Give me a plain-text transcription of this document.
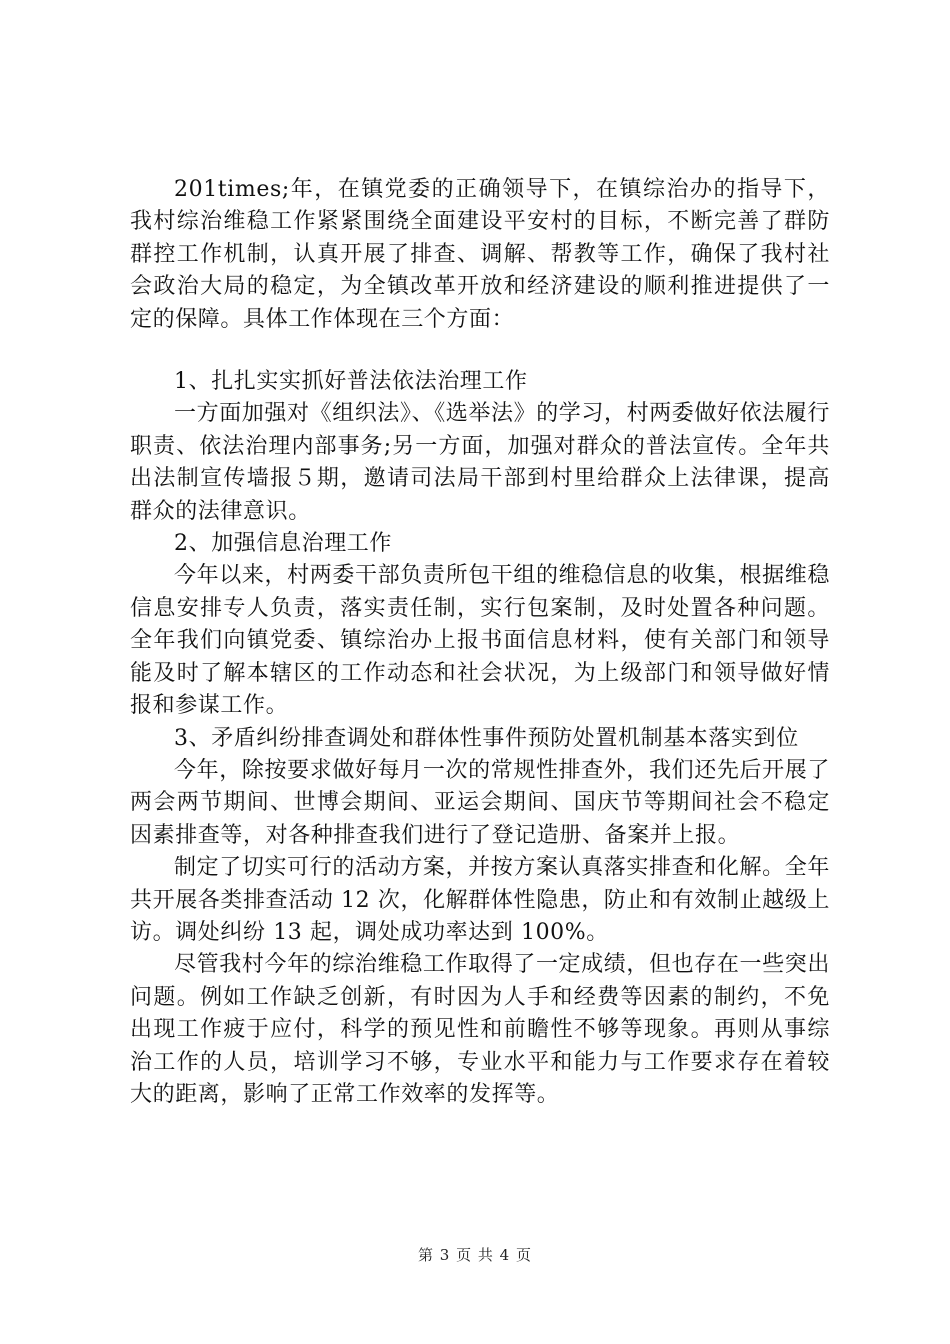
201times;年，在镇党委的正确领导下，在镇综治办的指导下，我村综治维稳工作紧紧围绕全面建设平安村的目标，不断完善了群防群控工作机制，认真开展了排查、调解、帮教等工作，确保了我村社会政治大局的稳定，为全镇改革开放和经济建设的顺利推进提供了一定的保障。具体工作体现在三个方面：

1、扎扎实实抓好普法依法治理工作

一方面加强对《组织法》、《选举法》的学习，村两委做好依法履行职责、依法治理内部事务;另一方面，加强对群众的普法宣传。全年共出法制宣传墙报５期，邀请司法局干部到村里给群众上法律课，提高群众的法律意识。

2、加强信息治理工作

今年以来，村两委干部负责所包干组的维稳信息的收集，根据维稳信息安排专人负责，落实责任制，实行包案制，及时处置各种问题。全年我们向镇党委、镇综治办上报书面信息材料，使有关部门和领导能及时了解本辖区的工作动态和社会状况，为上级部门和领导做好情报和参谋工作。

3、矛盾纠纷排查调处和群体性事件预防处置机制基本落实到位

今年，除按要求做好每月一次的常规性排查外，我们还先后开展了两会两节期间、世博会期间、亚运会期间、国庆节等期间社会不稳定因素排查等，对各种排查我们进行了登记造册、备案并上报。

制定了切实可行的活动方案，并按方案认真落实排查和化解。全年共开展各类排查活动 12 次，化解群体性隐患，防止和有效制止越级上访。调处纠纷 13 起，调处成功率达到 100%。

尽管我村今年的综治维稳工作取得了一定成绩，但也存在一些突出问题。例如工作缺乏创新，有时因为人手和经费等因素的制约，不免出现工作疲于应付，科学的预见性和前瞻性不够等现象。再则从事综治工作的人员，培训学习不够，专业水平和能力与工作要求存在着较大的距离，影响了正常工作效率的发挥等。

第 3 页 共 4 页
